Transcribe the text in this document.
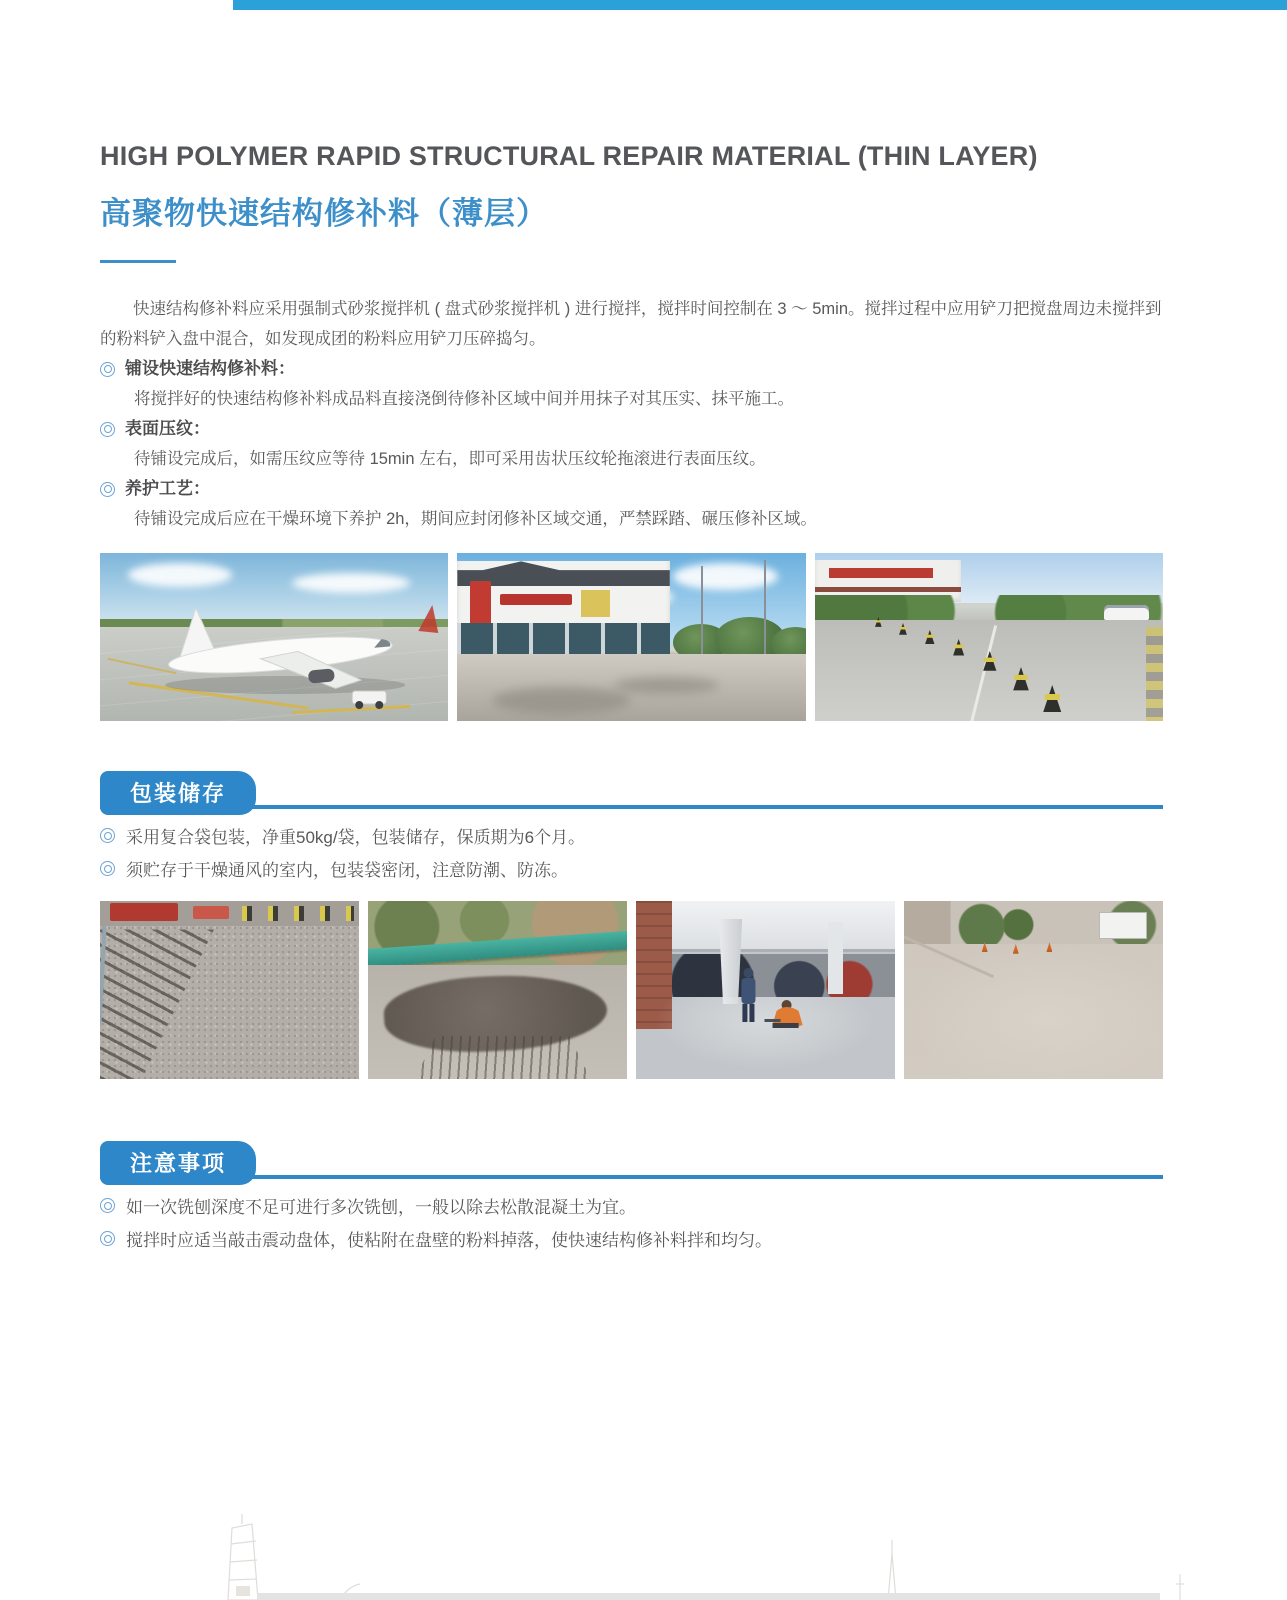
HIGH POLYMER RAPID STRUCTURAL REPAIR MATERIAL (THIN LAYER)
高聚物快速结构修补料（薄层）

快速结构修补料应采用强制式砂浆搅拌机 ( 盘式砂浆搅拌机 ) 进行搅拌，搅拌时间控制在 3 ～ 5min。搅拌过程中应用铲刀把搅盘周边未搅拌到的粉料铲入盘中混合，如发现成团的粉料应用铲刀压碎捣匀。

铺设快速结构修补料：

将搅拌好的快速结构修补料成品料直接浇倒待修补区域中间并用抹子对其压实、抹平施工。

表面压纹：

待铺设完成后，如需压纹应等待 15min 左右，即可采用齿状压纹轮拖滚进行表面压纹。

养护工艺：

待铺设完成后应在干燥环境下养护 2h，期间应封闭修补区域交通，严禁踩踏、碾压修补区域。

包装储存
采用复合袋包装，净重50kg/袋，包装储存，保质期为6个月。
须贮存于干燥通风的室内，包装袋密闭，注意防潮、防冻。
注意事项
如一次铣刨深度不足可进行多次铣刨，一般以除去松散混凝土为宜。
搅拌时应适当敲击震动盘体，使粘附在盘壁的粉料掉落，使快速结构修补料拌和均匀。
